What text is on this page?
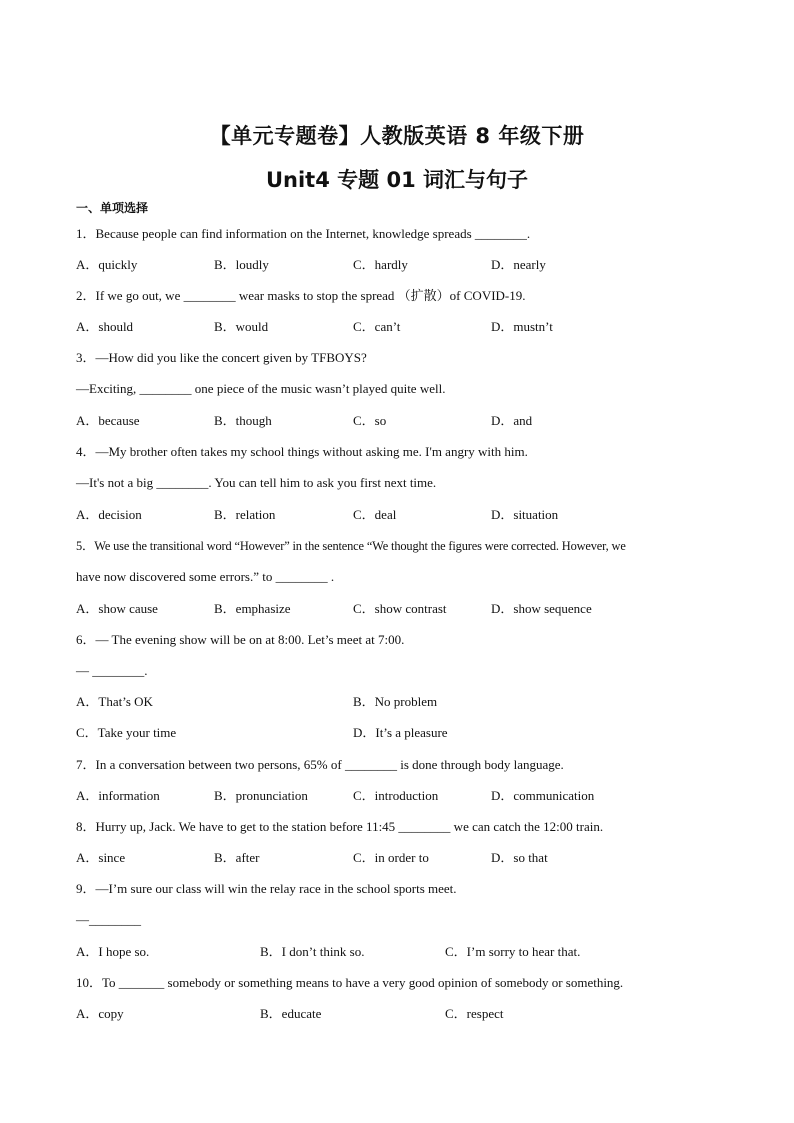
【单元专题卷】人教版英语 8 年级下册
Unit4 专题 01 词汇与句子
一、单项选择
1．Because people can find information on the Internet, knowledge spreads ________.
A．quickly	B．loudly	C．hardly	D．nearly
2．If we go out, we ________ wear masks to stop the spread （扩散）of COVID-19.
A．should	B．would	C．can’t	D．mustn’t
3．—How did you like the concert given by TFBOYS?
—Exciting, ________ one piece of the music wasn’t played quite well.
A．because	B．though	C．so	D．and
4．—My brother often takes my school things without asking me. I'm angry with him.
—It's not a big ________. You can tell him to ask you first next time.
A．decision	B．relation	C．deal	D．situation
5．We use the transitional word “However” in the sentence “We thought the figures were corrected. However, we
have now discovered some errors.” to ________ .
A．show cause	B．emphasize	C．show contrast	D．show sequence
6．— The evening show will be on at 8:00. Let’s meet at 7:00.
— ________.
A．That’s OK	B．No problem
C．Take your time	D．It’s a pleasure
7．In a conversation between two persons, 65% of ________ is done through body language.
A．information	B．pronunciation	C．introduction	D．communication
8．Hurry up, Jack. We have to get to the station before 11:45 ________ we can catch the 12:00 train.
A．since	B．after	C．in order to	D．so that
9．—I’m sure our class will win the relay race in the school sports meet.
—________
A．I hope so.	B．I don’t think so.	C．I’m sorry to hear that.
10．To _______ somebody or something means to have a very good opinion of somebody or something.
A．copy	B．educate	C．respect
